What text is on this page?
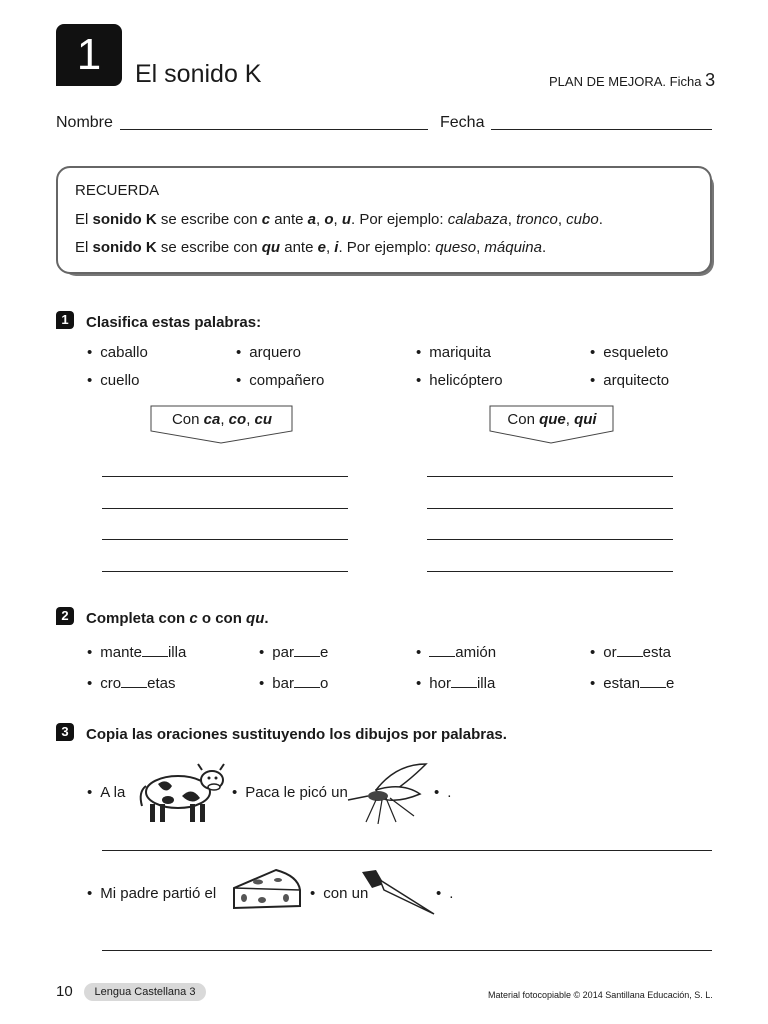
1	El sonido K	PLAN DE MEJORA. Ficha 3
Nombre	Fecha
RECUERDA
El sonido K se escribe con c ante a, o, u. Por ejemplo: calabaza, tronco, cubo.
El sonido K se escribe con qu ante e, i. Por ejemplo: queso, máquina.
1	Clasifica estas palabras:
• caballo	• arquero	• mariquita	• esqueleto
• cuello	• compañero	• helicóptero	• arquitecto
Con ca, co, cu	Con que, qui
2	Completa con c o con qu.
• mante illa	• par e	• amión	• or esta
• cro etas	• bar o	• hor illa	• estan e
3	Copia las oraciones sustituyendo los dibujos por palabras.
• A la	• Paca le picó un	• .
• Mi padre partió el	• con un	• .
10	Lengua Castellana 3	Material fotocopiable © 2014 Santillana Educación, S. L.
